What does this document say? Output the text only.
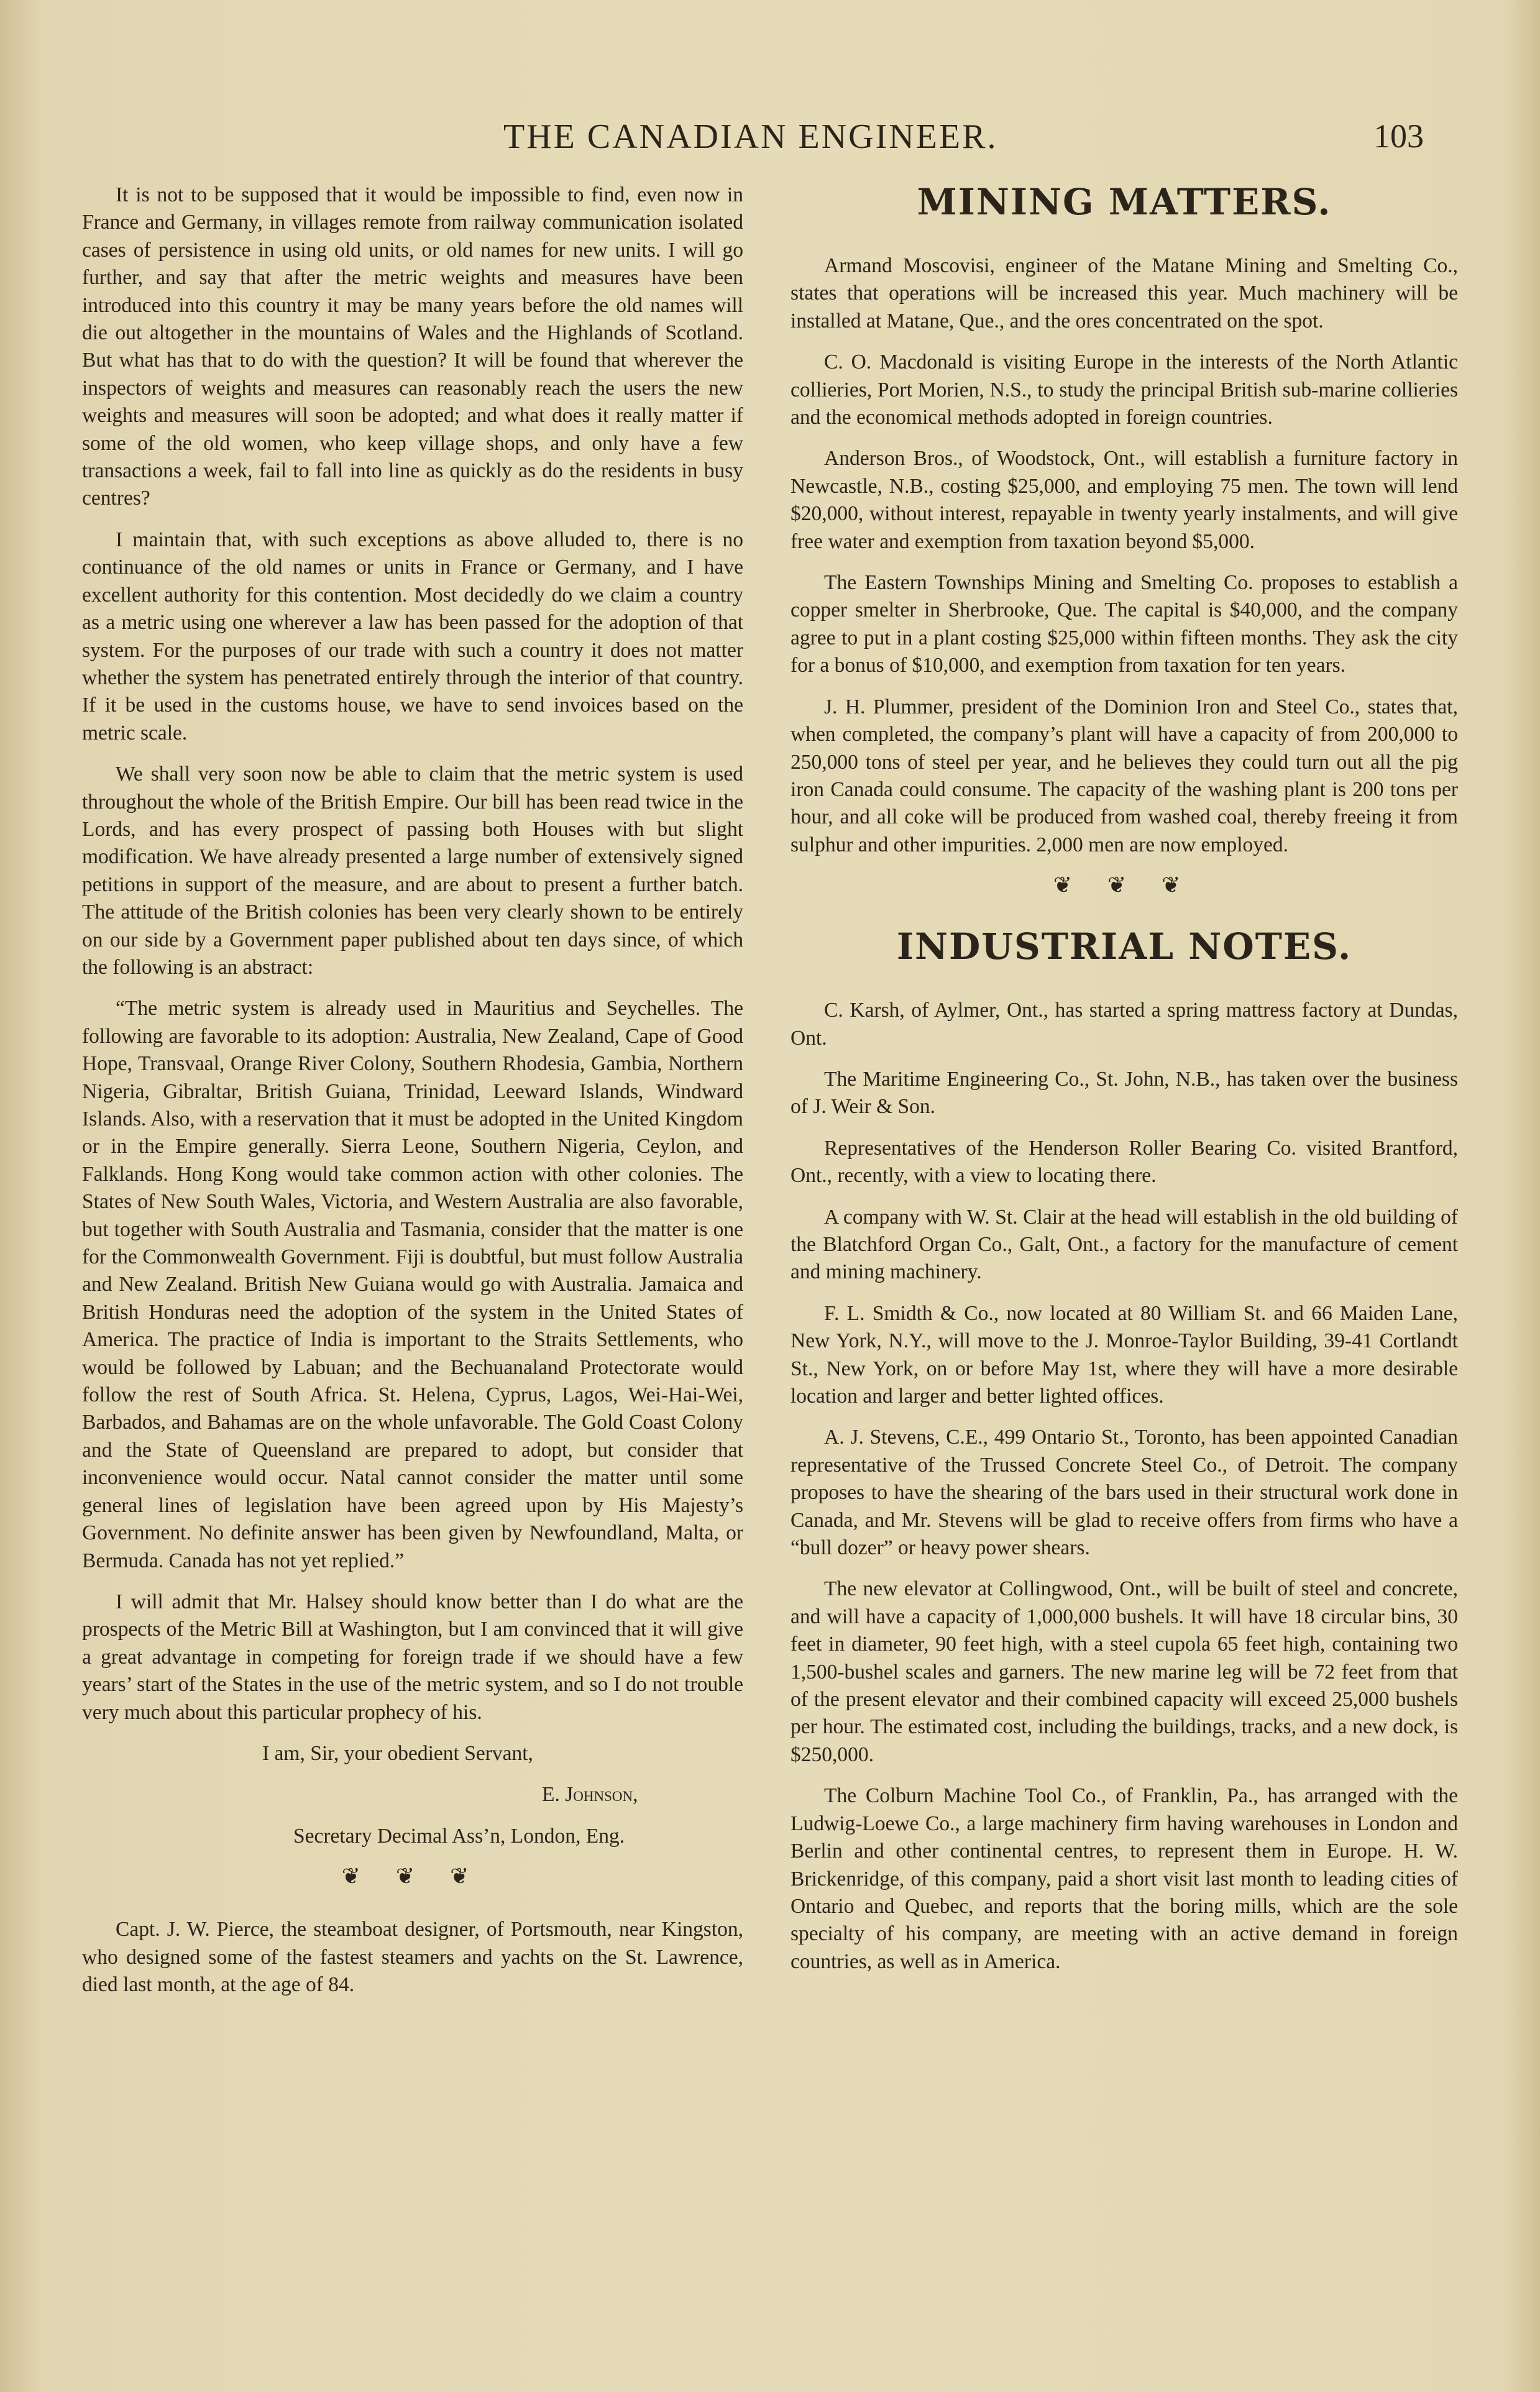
THE CANADIAN ENGINEER.	103

It is not to be supposed that it would be impossible to find, even now in France and Germany, in villages remote from railway communication isolated cases of persistence in using old units, or old names for new units. I will go further, and say that after the metric weights and measures have been introduced into this country it may be many years before the old names will die out altogether in the mountains of Wales and the Highlands of Scotland. But what has that to do with the question? It will be found that wherever the inspectors of weights and measures can reasonably reach the users the new weights and measures will soon be adopted; and what does it really matter if some of the old women, who keep village shops, and only have a few transactions a week, fail to fall into line as quickly as do the residents in busy centres?

I maintain that, with such exceptions as above alluded to, there is no continuance of the old names or units in France or Germany, and I have excellent authority for this contention. Most decidedly do we claim a country as a metric using one wherever a law has been passed for the adoption of that system. For the purposes of our trade with such a country it does not matter whether the system has penetrated entirely through the interior of that country. If it be used in the customs house, we have to send invoices based on the metric scale.

We shall very soon now be able to claim that the metric system is used throughout the whole of the British Empire. Our bill has been read twice in the Lords, and has every prospect of passing both Houses with but slight modification. We have already presented a large number of extensively signed petitions in support of the measure, and are about to present a further batch. The attitude of the British colonies has been very clearly shown to be entirely on our side by a Government paper published about ten days since, of which the following is an abstract:

“The metric system is already used in Mauritius and Seychelles. The following are favorable to its adoption: Australia, New Zealand, Cape of Good Hope, Transvaal, Orange River Colony, Southern Rhodesia, Gambia, Northern Nigeria, Gibraltar, British Guiana, Trinidad, Leeward Islands, Windward Islands. Also, with a reservation that it must be adopted in the United Kingdom or in the Empire generally. Sierra Leone, Southern Nigeria, Ceylon, and Falklands. Hong Kong would take common action with other colonies. The States of New South Wales, Victoria, and Western Australia are also favorable, but together with South Australia and Tasmania, consider that the matter is one for the Commonwealth Government. Fiji is doubtful, but must follow Australia and New Zealand. British New Guiana would go with Australia. Jamaica and British Honduras need the adoption of the system in the United States of America. The practice of India is important to the Straits Settlements, who would be followed by Labuan; and the Bechuanaland Protectorate would follow the rest of South Africa. St. Helena, Cyprus, Lagos, Wei-Hai-Wei, Barbados, and Bahamas are on the whole unfavorable. The Gold Coast Colony and the State of Queensland are prepared to adopt, but consider that inconvenience would occur. Natal cannot consider the matter until some general lines of legislation have been agreed upon by His Majesty’s Government. No definite answer has been given by Newfoundland, Malta, or Bermuda. Canada has not yet replied.”

I will admit that Mr. Halsey should know better than I do what are the prospects of the Metric Bill at Washington, but I am convinced that it will give a great advantage in competing for foreign trade if we should have a few years’ start of the States in the use of the metric system, and so I do not trouble very much about this particular prophecy of his.

I am, Sir, your obedient Servant,

E. Johnson,

Secretary Decimal Ass’n, London, Eng.

❦ ❦ ❦

Capt. J. W. Pierce, the steamboat designer, of Portsmouth, near Kingston, who designed some of the fastest steamers and yachts on the St. Lawrence, died last month, at the age of 84.

MINING MATTERS.

Armand Moscovisi, engineer of the Matane Mining and Smelting Co., states that operations will be increased this year. Much machinery will be installed at Matane, Que., and the ores concentrated on the spot.

C. O. Macdonald is visiting Europe in the interests of the North Atlantic collieries, Port Morien, N.S., to study the principal British sub-marine collieries and the economical methods adopted in foreign countries.

Anderson Bros., of Woodstock, Ont., will establish a furniture factory in Newcastle, N.B., costing $25,000, and employing 75 men. The town will lend $20,000, without interest, repayable in twenty yearly instalments, and will give free water and exemption from taxation beyond $5,000.

The Eastern Townships Mining and Smelting Co. proposes to establish a copper smelter in Sherbrooke, Que. The capital is $40,000, and the company agree to put in a plant costing $25,000 within fifteen months. They ask the city for a bonus of $10,000, and exemption from taxation for ten years.

J. H. Plummer, president of the Dominion Iron and Steel Co., states that, when completed, the company’s plant will have a capacity of from 200,000 to 250,000 tons of steel per year, and he believes they could turn out all the pig iron Canada could consume. The capacity of the washing plant is 200 tons per hour, and all coke will be produced from washed coal, thereby freeing it from sulphur and other impurities. 2,000 men are now employed.

❦ ❦ ❦
INDUSTRIAL NOTES.

C. Karsh, of Aylmer, Ont., has started a spring mattress factory at Dundas, Ont.

The Maritime Engineering Co., St. John, N.B., has taken over the business of J. Weir & Son.

Representatives of the Henderson Roller Bearing Co. visited Brantford, Ont., recently, with a view to locating there.

A company with W. St. Clair at the head will establish in the old building of the Blatchford Organ Co., Galt, Ont., a factory for the manufacture of cement and mining machinery.

F. L. Smidth & Co., now located at 80 William St. and 66 Maiden Lane, New York, N.Y., will move to the J. Monroe-Taylor Building, 39-41 Cortlandt St., New York, on or before May 1st, where they will have a more desirable location and larger and better lighted offices.

A. J. Stevens, C.E., 499 Ontario St., Toronto, has been appointed Canadian representative of the Trussed Concrete Steel Co., of Detroit. The company proposes to have the shearing of the bars used in their structural work done in Canada, and Mr. Stevens will be glad to receive offers from firms who have a “bull dozer” or heavy power shears.

The new elevator at Collingwood, Ont., will be built of steel and concrete, and will have a capacity of 1,000,000 bushels. It will have 18 circular bins, 30 feet in diameter, 90 feet high, with a steel cupola 65 feet high, containing two 1,500-bushel scales and garners. The new marine leg will be 72 feet from that of the present elevator and their combined capacity will exceed 25,000 bushels per hour. The estimated cost, including the buildings, tracks, and a new dock, is $250,000.

The Colburn Machine Tool Co., of Franklin, Pa., has arranged with the Ludwig-Loewe Co., a large machinery firm having warehouses in London and Berlin and other continental centres, to represent them in Europe. H. W. Brickenridge, of this company, paid a short visit last month to leading cities of Ontario and Quebec, and reports that the boring mills, which are the sole specialty of his company, are meeting with an active demand in foreign countries, as well as in America.
